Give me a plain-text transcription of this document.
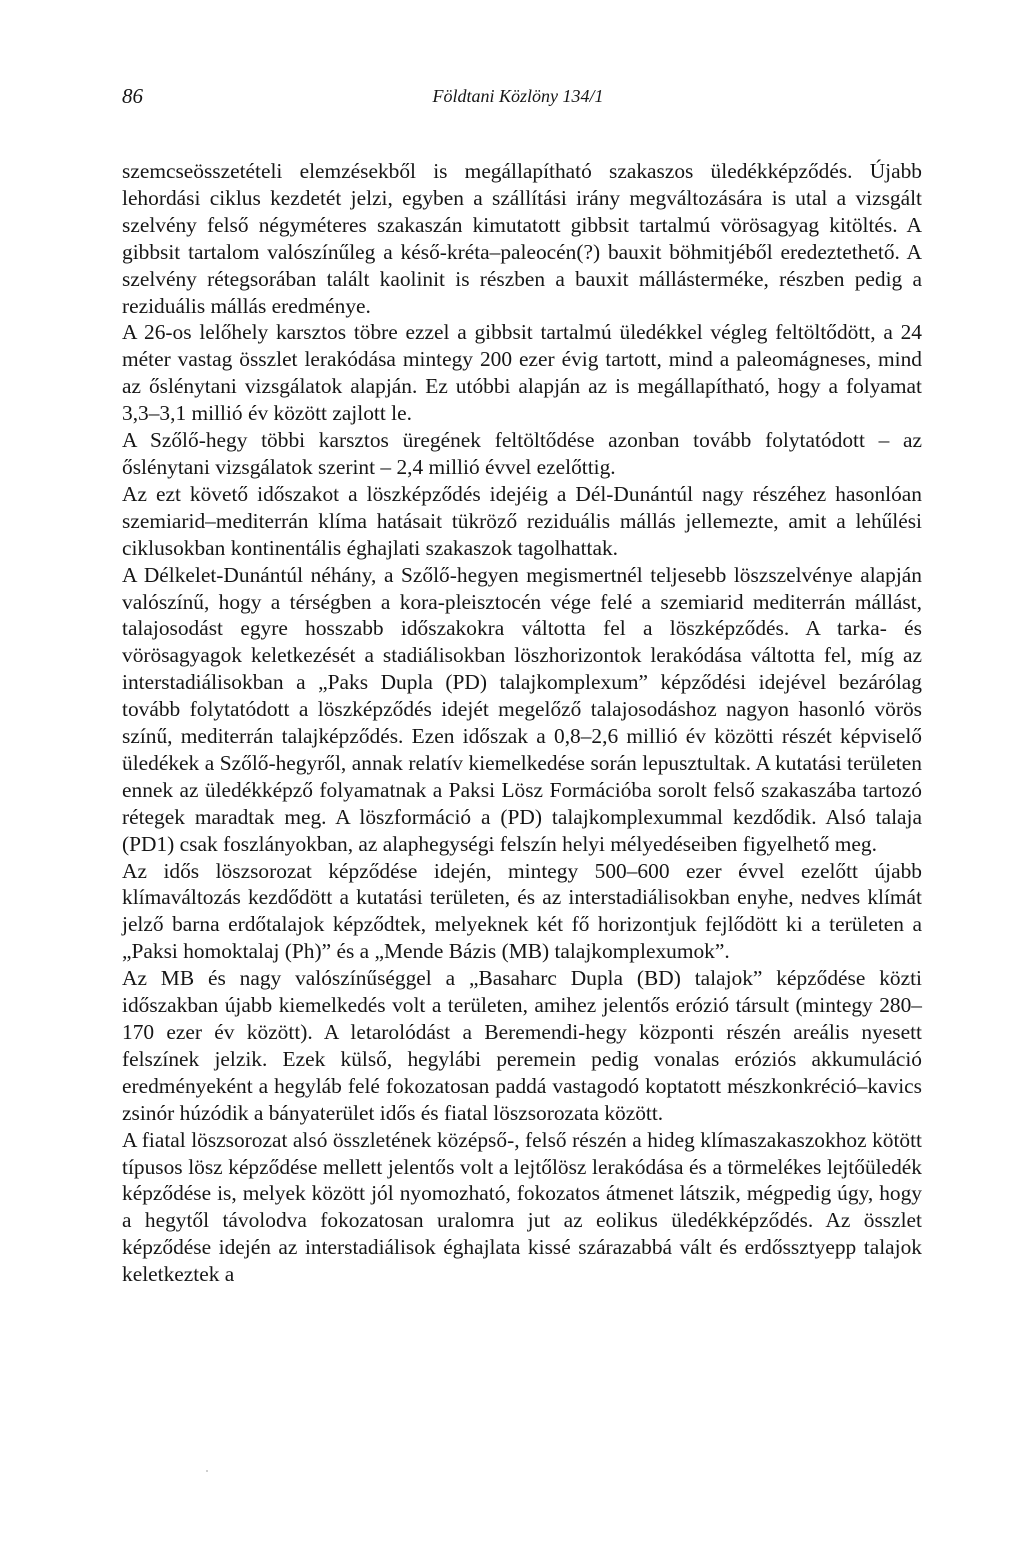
86	Földtani Közlöny 134/1

szemcseösszetételi elemzésekből is megállapítható szakaszos üledékképződés. Újabb lehordási ciklus kezdetét jelzi, egyben a szállítási irány megváltozására is utal a vizsgált szelvény felső négyméteres szakaszán kimutatott gibbsit tartalmú vörösagyag kitöltés. A gibbsit tartalom valószínűleg a késő-kréta–paleocén(?) bauxit böhmitjéből eredeztethető. A szelvény rétegsorában talált kaolinit is részben a bauxit mállásterméke, részben pedig a reziduális mállás eredménye.

A 26-os lelőhely karsztos töbre ezzel a gibbsit tartalmú üledékkel végleg feltöltődött, a 24 méter vastag összlet lerakódása mintegy 200 ezer évig tartott, mind a paleomágneses, mind az őslénytani vizsgálatok alapján. Ez utóbbi alapján az is megállapítható, hogy a folyamat 3,3–3,1 millió év között zajlott le.

A Szőlő-hegy többi karsztos üregének feltöltődése azonban tovább folytatódott – az őslénytani vizsgálatok szerint – 2,4 millió évvel ezelőttig.

Az ezt követő időszakot a löszképződés idejéig a Dél-Dunántúl nagy részéhez hasonlóan szemiarid–mediterrán klíma hatásait tükröző reziduális mállás jellemezte, amit a lehűlési ciklusokban kontinentális éghajlati szakaszok tagolhattak.

A Délkelet-Dunántúl néhány, a Szőlő-hegyen megismertnél teljesebb löszszelvénye alapján valószínű, hogy a térségben a kora-pleisztocén vége felé a szemiarid mediterrán mállást, talajosodást egyre hosszabb időszakokra váltotta fel a löszképződés. A tarka- és vörösagyagok keletkezését a stadiálisokban löszhorizontok lerakódása váltotta fel, míg az interstadiálisokban a „Paks Dupla (PD) talajkomplexum” képződési idejével bezárólag tovább folytatódott a löszképződés idejét megelőző talajosodáshoz nagyon hasonló vörös színű, mediterrán talajképződés. Ezen időszak a 0,8–2,6 millió év közötti részét képviselő üledékek a Szőlő-hegyről, annak relatív kiemelkedése során lepusztultak. A kutatási területen ennek az üledékképző folyamatnak a Paksi Lösz Formációba sorolt felső szakaszába tartozó rétegek maradtak meg. A löszformáció a (PD) talajkomplexummal kezdődik. Alsó talaja (PD1) csak foszlányokban, az alaphegységi felszín helyi mélyedéseiben figyelhető meg.

Az idős löszsorozat képződése idején, mintegy 500–600 ezer évvel ezelőtt újabb klímaváltozás kezdődött a kutatási területen, és az interstadiálisokban enyhe, nedves klímát jelző barna erdőtalajok képződtek, melyeknek két fő horizontjuk fejlődött ki a területen a „Paksi homoktalaj (Ph)” és a „Mende Bázis (MB) talajkomplexumok”.

Az MB és nagy valószínűséggel a „Basaharc Dupla (BD) talajok” képződése közti időszakban újabb kiemelkedés volt a területen, amihez jelentős erózió társult (mintegy 280–170 ezer év között). A letarolódást a Beremendi-hegy központi részén areális nyesett felszínek jelzik. Ezek külső, hegylábi peremein pedig vonalas eróziós akkumuláció eredményeként a hegyláb felé fokozatosan paddá vastagodó koptatott mészkonkréció–kavics zsinór húzódik a bányaterület idős és fiatal löszsorozata között.

A fiatal löszsorozat alsó összletének középső-, felső részén a hideg klímaszakaszokhoz kötött típusos lösz képződése mellett jelentős volt a lejtőlösz lerakódása és a törmelékes lejtőüledék képződése is, melyek között jól nyomozható, fokozatos átmenet látszik, mégpedig úgy, hogy a hegytől távolodva fokozatosan uralomra jut az eolikus üledékképződés. Az összlet képződése idején az interstadiálisok éghajlata kissé szárazabbá vált és erdőssztyepp talajok keletkeztek a
